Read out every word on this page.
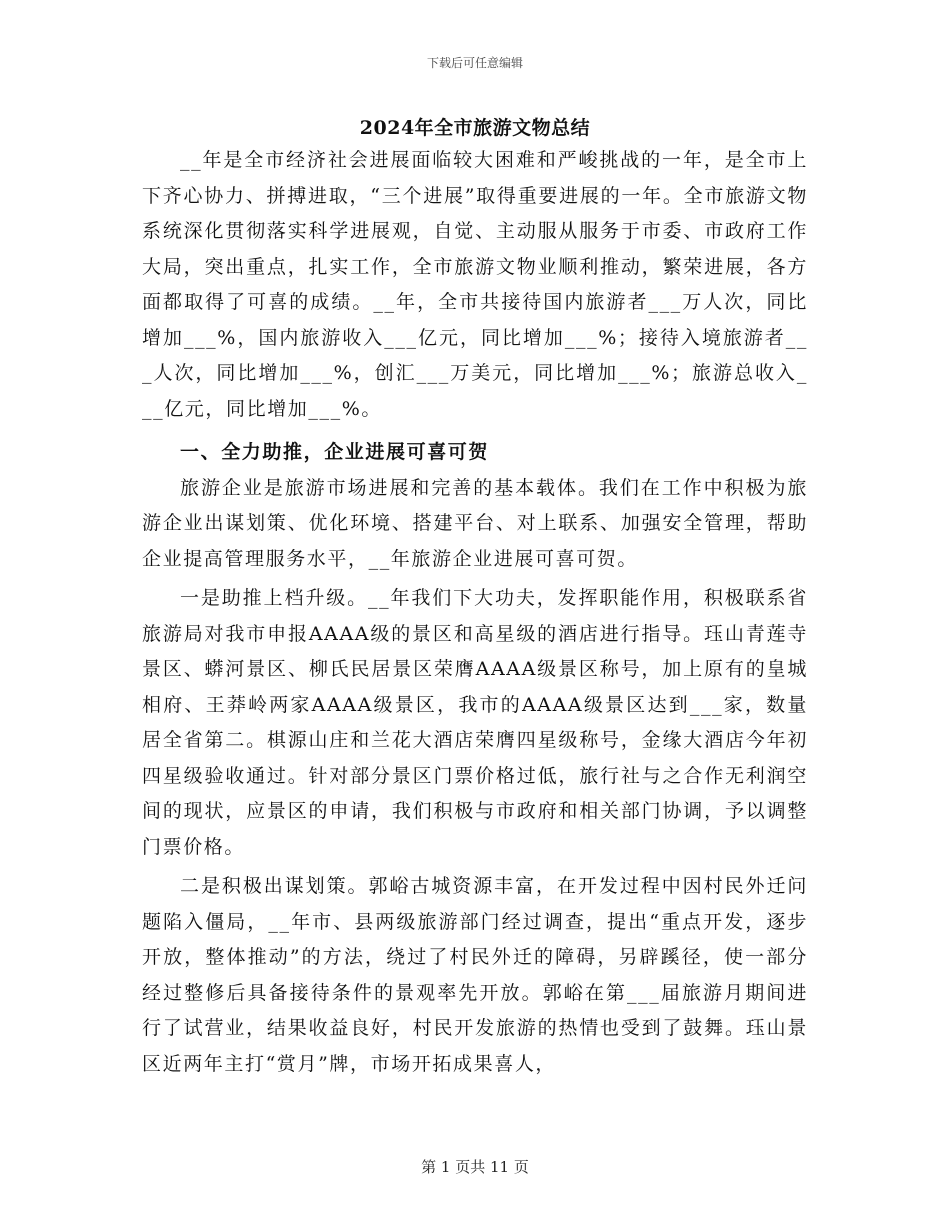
下载后可任意编辑
2024年全市旅游文物总结

__年是全市经济社会进展面临较大困难和严峻挑战的一年，是全市上下齐心协力、拼搏进取，“三个进展”取得重要进展的一年。全市旅游文物系统深化贯彻落实科学进展观，自觉、主动服从服务于市委、市政府工作大局，突出重点，扎实工作，全市旅游文物业顺利推动，繁荣进展，各方面都取得了可喜的成绩。__年，全市共接待国内旅游者___万人次，同比增加___%，国内旅游收入___亿元，同比增加___%；接待入境旅游者___人次，同比增加___%，创汇___万美元，同比增加___%；旅游总收入___亿元，同比增加___%。

一、全力助推，企业进展可喜可贺

旅游企业是旅游市场进展和完善的基本载体。我们在工作中积极为旅游企业出谋划策、优化环境、搭建平台、对上联系、加强安全管理，帮助企业提高管理服务水平，__年旅游企业进展可喜可贺。

一是助推上档升级。__年我们下大功夫，发挥职能作用，积极联系省旅游局对我市申报AAAA级的景区和高星级的酒店进行指导。珏山青莲寺景区、蟒河景区、柳氏民居景区荣膺AAAA级景区称号，加上原有的皇城相府、王莽岭两家AAAA级景区，我市的AAAA级景区达到___家，数量居全省第二。棋源山庄和兰花大酒店荣膺四星级称号，金缘大酒店今年初四星级验收通过。针对部分景区门票价格过低，旅行社与之合作无利润空间的现状，应景区的申请，我们积极与市政府和相关部门协调，予以调整门票价格。

二是积极出谋划策。郭峪古城资源丰富，在开发过程中因村民外迁问题陷入僵局，__年市、县两级旅游部门经过调查，提出“重点开发，逐步开放，整体推动”的方法，绕过了村民外迁的障碍，另辟蹊径，使一部分经过整修后具备接待条件的景观率先开放。郭峪在第___届旅游月期间进行了试营业，结果收益良好，村民开发旅游的热情也受到了鼓舞。珏山景区近两年主打“赏月”牌，市场开拓成果喜人，

第 1 页共 11 页
